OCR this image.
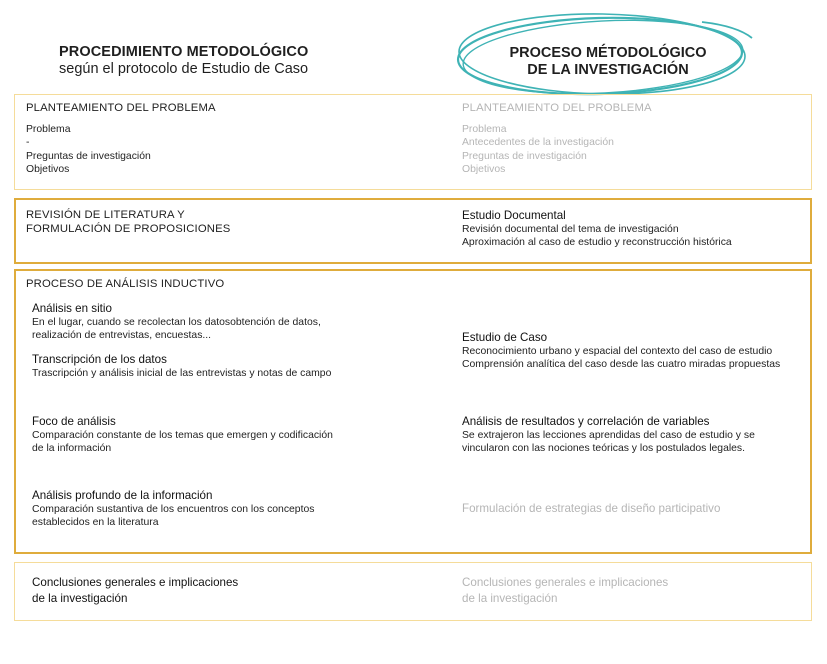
PROCEDIMIENTO METODOLÓGICO
según el protocolo de Estudio de Caso
PROCESO MÉTODOLÓGICO
DE LA INVESTIGACIÓN
PLANTEAMIENTO DEL PROBLEMA
Problema
-
Preguntas de investigación
Objetivos
PLANTEAMIENTO DEL PROBLEMA
Problema
Antecedentes de la investigación
Preguntas de investigación
Objetivos
REVISIÓN DE LITERATURA Y
FORMULACIÓN DE PROPOSICIONES
Estudio Documental
Revisión documental del tema de investigación
Aproximación al caso de estudio y reconstrucción histórica
PROCESO DE ANÁLISIS INDUCTIVO
Análisis en sitio
En el lugar, cuando se recolectan los datosobtención de datos,
realización de entrevistas, encuestas...
Transcripción de los datos
Trascripción y análisis inicial de las entrevistas y notas de campo
Foco de análisis
Comparación constante de los temas que emergen y codificación
de la información
Análisis profundo de la información
Comparación sustantiva de los encuentros con los conceptos
establecidos en la literatura
Estudio de Caso
Reconocimiento urbano y espacial del contexto del caso de estudio
Comprensión analítica del caso desde las cuatro miradas propuestas
Análisis de resultados y correlación de variables
Se extrajeron las lecciones aprendidas del caso de estudio y se
vincularon con las nociones teóricas y los postulados legales.
Formulación de estrategias de diseño participativo
Conclusiones generales e implicaciones
de la investigación
Conclusiones generales e implicaciones
de la investigación
